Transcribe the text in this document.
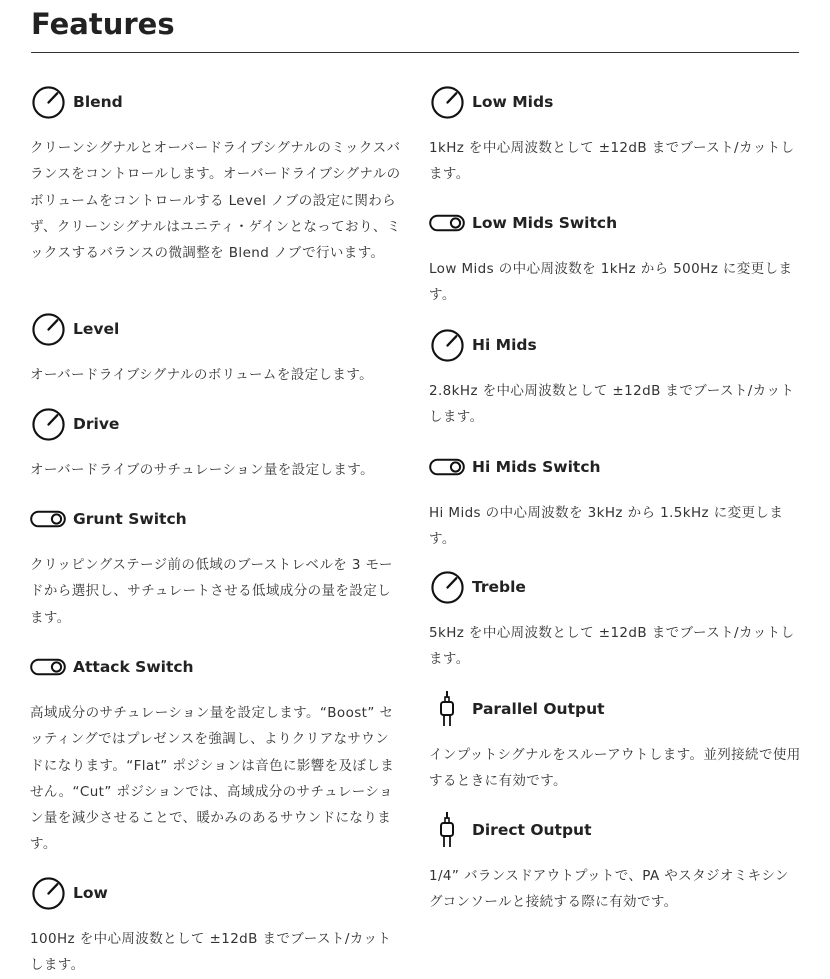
Features
Blend

クリーンシグナルとオーバードライブシグナルのミックスバランスをコントロールします。オーバードライブシグナルのボリュームをコントロールする Level ノブの設定に関わらず、クリーンシグナルはユニティ・ゲインとなっており、ミックスするバランスの微調整を Blend ノブで行います。

Level

オーバードライブシグナルのボリュームを設定します。

Drive

オーバードライブのサチュレーション量を設定します。

Grunt Switch

クリッピングステージ前の低域のブーストレベルを 3 モードから選択し、サチュレートさせる低域成分の量を設定します。

Attack Switch

高域成分のサチュレーション量を設定します。“Boost” セッティングではプレゼンスを強調し、よりクリアなサウンドになります。“Flat” ポジションは音色に影響を及ぼしません。“Cut” ポジションでは、高域成分のサチュレーション量を減少させることで、暖かみのあるサウンドになります。

Low

100Hz を中心周波数として ±12dB までブースト/カットします。

Low Mids

1kHz を中心周波数として ±12dB までブースト/カットします。

Low Mids Switch

Low Mids の中心周波数を 1kHz から 500Hz に変更します。

Hi Mids

2.8kHz を中心周波数として ±12dB までブースト/カットします。

Hi Mids Switch

Hi Mids の中心周波数を 3kHz から 1.5kHz に変更します。

Treble

5kHz を中心周波数として ±12dB までブースト/カットします。

Parallel Output

インプットシグナルをスルーアウトします。並列接続で使用するときに有効です。

Direct Output

1/4” バランスドアウトプットで、PA やスタジオミキシングコンソールと接続する際に有効です。
